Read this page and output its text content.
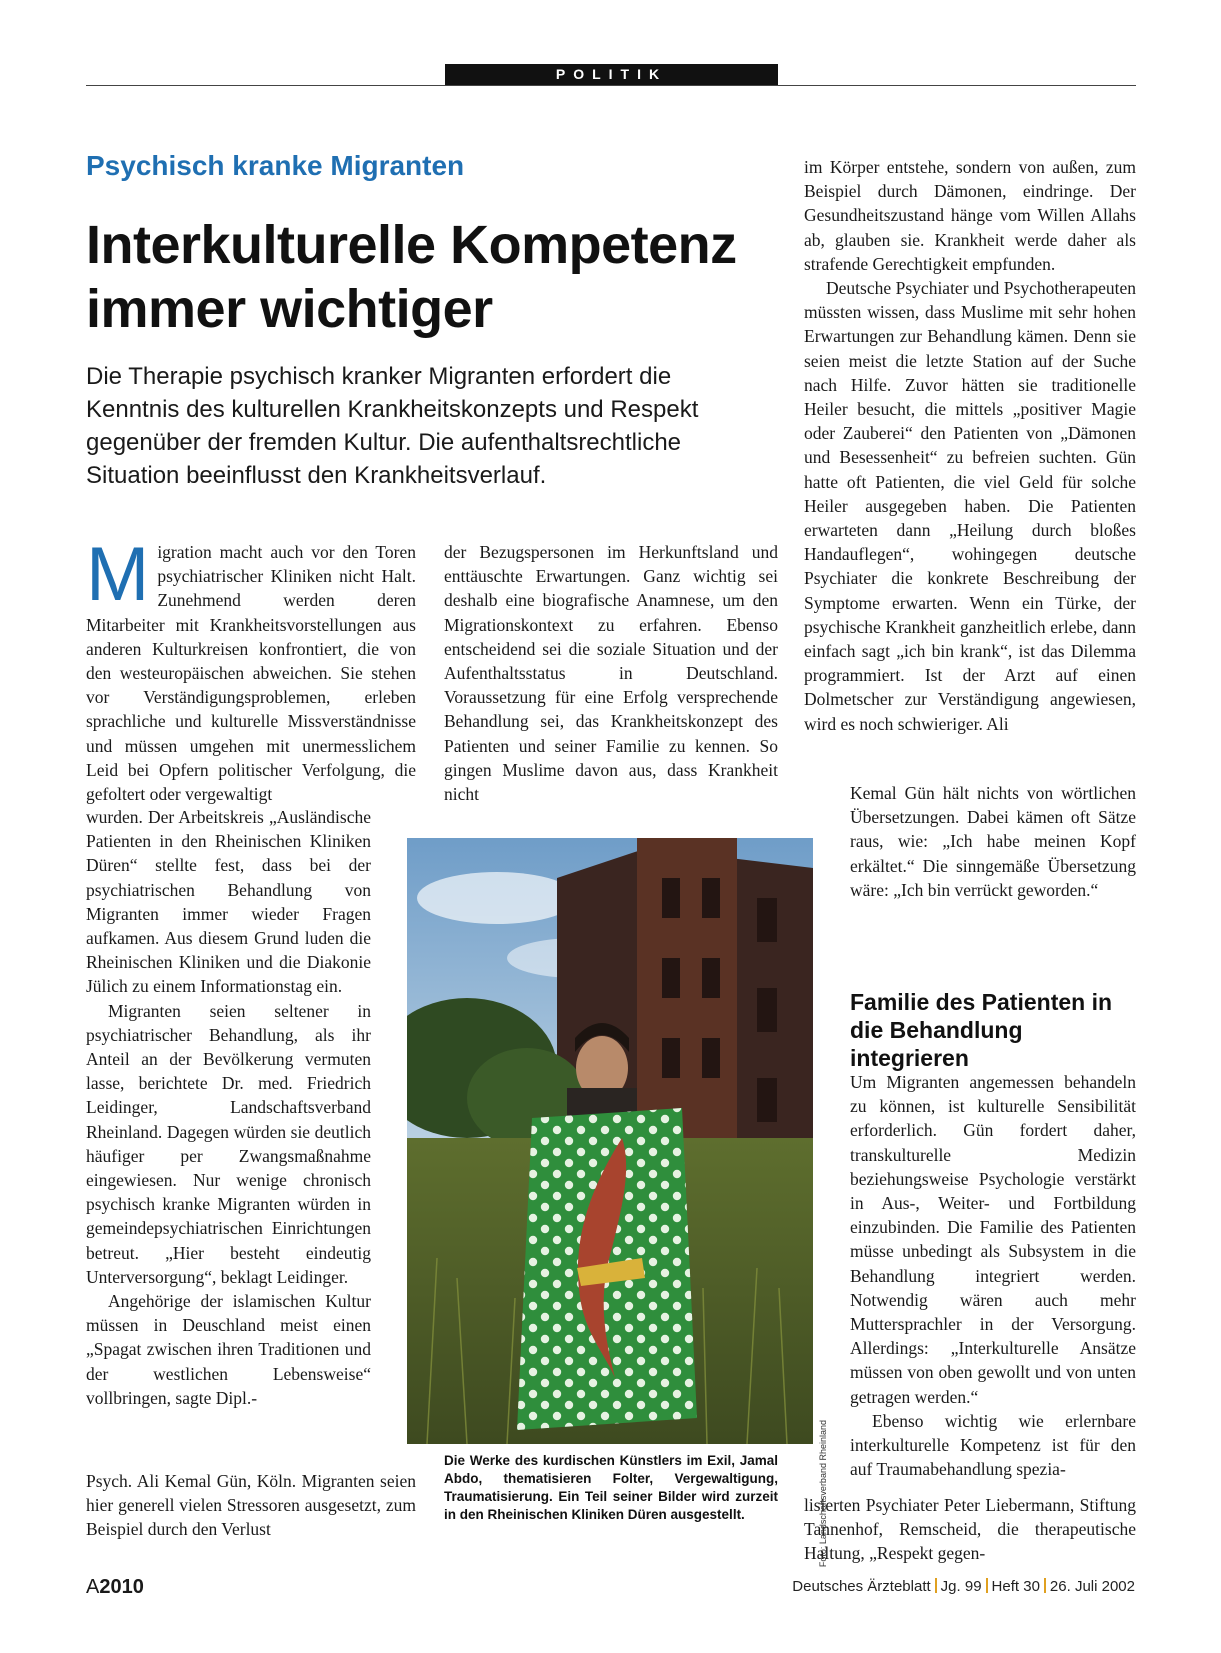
POLITIK
Psychisch kranke Migranten
Interkulturelle Kompetenz immer wichtiger
Die Therapie psychisch kranker Migranten erfordert die Kenntnis des kulturellen Krankheitskonzepts und Respekt gegenüber der fremden Kultur. Die aufenthaltsrechtliche Situation beeinflusst den Krankheitsverlauf.
M igration macht auch vor den Toren psychiatrischer Kliniken nicht Halt. Zunehmend werden deren Mitarbeiter mit Krankheitsvorstellungen aus anderen Kulturkreisen konfrontiert, die von den westeuropäischen abweichen. Sie stehen vor Verständigungsproblemen, erleben sprachliche und kulturelle Missverständnisse und müssen umgehen mit unermesslichem Leid bei Opfern politischer Verfolgung, die gefoltert oder vergewaltigt

wurden. Der Arbeitskreis „Ausländische Patienten in den Rheinischen Kliniken Düren“ stellte fest, dass bei der psychiatrischen Behandlung von Migranten immer wieder Fragen aufkamen. Aus diesem Grund luden die Rheinischen Kliniken und die Diakonie Jülich zu einem Informationstag ein.

Migranten seien seltener in psychiatrischer Behandlung, als ihr Anteil an der Bevölkerung vermuten lasse, berichtete Dr. med. Friedrich Leidinger, Landschaftsverband Rheinland. Dagegen würden sie deutlich häufiger per Zwangsmaßnahme eingewiesen. Nur wenige chronisch psychisch kranke Migranten würden in gemeindepsychiatrischen Einrichtungen betreut. „Hier besteht eindeutig Unterversorgung“, beklagt Leidinger.

Angehörige der islamischen Kultur müssen in Deuschland meist einen „Spagat zwischen ihren Traditionen und der westlichen Lebensweise“ vollbringen, sagte Dipl.-

Psych. Ali Kemal Gün, Köln. Migranten seien hier generell vielen Stressoren ausgesetzt, zum Beispiel durch den Verlust

der Bezugspersonen im Herkunftsland und enttäuschte Erwartungen. Ganz wichtig sei deshalb eine biografische Anamnese, um den Migrationskontext zu erfahren. Ebenso entscheidend sei die soziale Situation und der Aufenthaltsstatus in Deutschland. Voraussetzung für eine Erfolg versprechende Behandlung sei, das Krankheitskonzept des Patienten und seiner Familie zu kennen. So gingen Muslime davon aus, dass Krankheit nicht

im Körper entstehe, sondern von außen, zum Beispiel durch Dämonen, eindringe. Der Gesundheitszustand hänge vom Willen Allahs ab, glauben sie. Krankheit werde daher als strafende Gerechtigkeit empfunden.

Deutsche Psychiater und Psychotherapeuten müssten wissen, dass Muslime mit sehr hohen Erwartungen zur Behandlung kämen. Denn sie seien meist die letzte Station auf der Suche nach Hilfe. Zuvor hätten sie traditionelle Heiler besucht, die mittels „positiver Magie oder Zauberei“ den Patienten von „Dämonen und Besessenheit“ zu befreien suchten. Gün hatte oft Patienten, die viel Geld für solche Heiler ausgegeben haben. Die Patienten erwarteten dann „Heilung durch bloßes Handauflegen“, wohingegen deutsche Psychiater die konkrete Beschreibung der Symptome erwarten. Wenn ein Türke, der psychische Krankheit ganzheitlich erlebe, dann einfach sagt „ich bin krank“, ist das Dilemma programmiert. Ist der Arzt auf einen Dolmetscher zur Verständigung angewiesen, wird es noch schwieriger. Ali

Kemal Gün hält nichts von wörtlichen Übersetzungen. Dabei kämen oft Sätze raus, wie: „Ich habe meinen Kopf erkältet.“ Die sinngemäße Übersetzung wäre: „Ich bin verrückt geworden.“

Familie des Patienten in die Behandlung integrieren

Um Migranten angemessen behandeln zu können, ist kulturelle Sensibilität erforderlich. Gün fordert daher, transkulturelle Medizin beziehungsweise Psychologie verstärkt in Aus-, Weiter- und Fortbildung einzubinden. Die Familie des Patienten müsse unbedingt als Subsystem in die Behandlung integriert werden. Notwendig wären auch mehr Muttersprachler in der Versorgung. Allerdings: „Interkulturelle Ansätze müssen von oben gewollt und von unten getragen werden.“

Ebenso wichtig wie erlernbare interkulturelle Kompetenz ist für den auf Traumabehandlung spezia-

lisierten Psychiater Peter Liebermann, Stiftung Tannenhof, Remscheid, die therapeutische Haltung, „Respekt gegen-

Foto: Landschaftsverband Rheinland
Die Werke des kurdischen Künstlers im Exil, Jamal Abdo, thematisieren Folter, Vergewaltigung, Traumatisierung. Ein Teil seiner Bilder wird zurzeit in den Rheinischen Kliniken Düren ausgestellt.
A2010	Deutsches Ärzteblatt Jg. 99 Heft 30 26. Juli 2002
